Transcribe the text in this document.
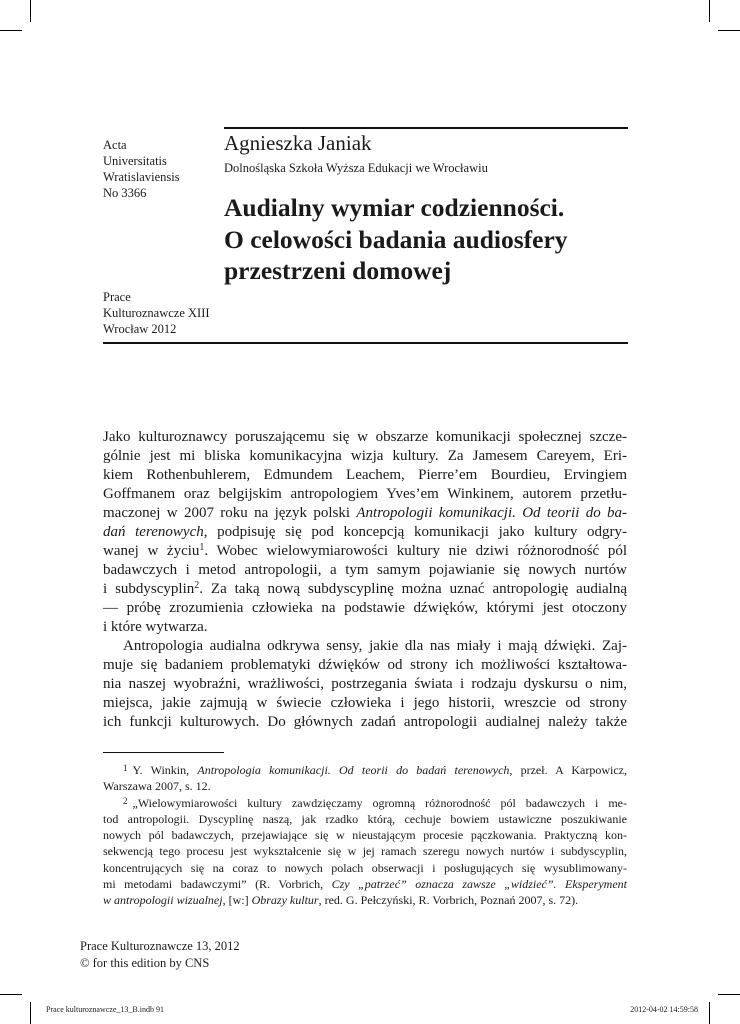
Acta
Universitatis
Wratislaviensis
No 3366
Prace
Kulturoznawcze XIII
Wrocław 2012
Agnieszka Janiak
Dolnośląska Szkoła Wyższa Edukacji we Wrocławiu
Audialny wymiar codzienności.
O celowości badania audiosfery
przestrzeni domowej

Jako kulturoznawcy poruszającemu się w obszarze komunikacji społecznej szcze-

gólnie jest mi bliska komunikacyjna wizja kultury. Za Jamesem Careyem, Eri-

kiem Rothenbuhlerem, Edmundem Leachem, Pierre’em Bourdieu, Ervingiem

Goffmanem oraz belgijskim antropologiem Yves’em Winkinem, autorem przetłu-

maczonej w 2007 roku na język polski Antropologii komunikacji. Od teorii do ba-

dań terenowych, podpisuję się pod koncepcją komunikacji jako kultury odgry-

wanej w życiu$^1$. Wobec wielowymiarowości kultury nie dziwi różnorodność pól

badawczych i metod antropologii, a tym samym pojawianie się nowych nurtów

i subdyscyplin$^2$. Za taką nową subdyscyplinę można uznać antropologię audialną

— próbę zrozumienia człowieka na podstawie dźwięków, którymi jest otoczony

i które wytwarza.

Antropologia audialna odkrywa sensy, jakie dla nas miały i mają dźwięki. Zaj-

muje się badaniem problematyki dźwięków od strony ich możliwości kształtowa-

nia naszej wyobraźni, wrażliwości, postrzegania świata i rodzaju dyskursu o nim,

miejsca, jakie zajmują w świecie człowieka i jego historii, wreszcie od strony

ich funkcji kulturowych. Do głównych zadań antropologii audialnej należy także

$^1$ Y. Winkin, Antropologia komunikacji. Od teorii do badań terenowych, przeł. A Karpowicz,

Warszawa 2007, s. 12.

$^2$ „Wielowymiarowości kultury zawdzięczamy ogromną różnorodność pól badawczych i me-

tod antropologii. Dyscyplinę naszą, jak rzadko którą, cechuje bowiem ustawiczne poszukiwanie

nowych pól badawczych, przejawiające się w nieustającym procesie pączkowania. Praktyczną kon-

sekwencją tego procesu jest wykształcenie się w jej ramach szeregu nowych nurtów i subdyscyplin,

koncentrujących się na coraz to nowych polach obserwacji i posługujących się wysublimowany-

mi metodami badawczymi” (R. Vorbrich, Czy „patrzeć” oznacza zawsze „widzieć”. Eksperyment

w antropologii wizualnej, [w:] Obrazy kultur, red. G. Pełczyński, R. Vorbrich, Poznań 2007, s. 72).

Prace Kulturoznawcze 13, 2012
© for this edition by CNS
Prace kulturoznawcze_13_B.indb 91	2012-04-02 14:59:58
